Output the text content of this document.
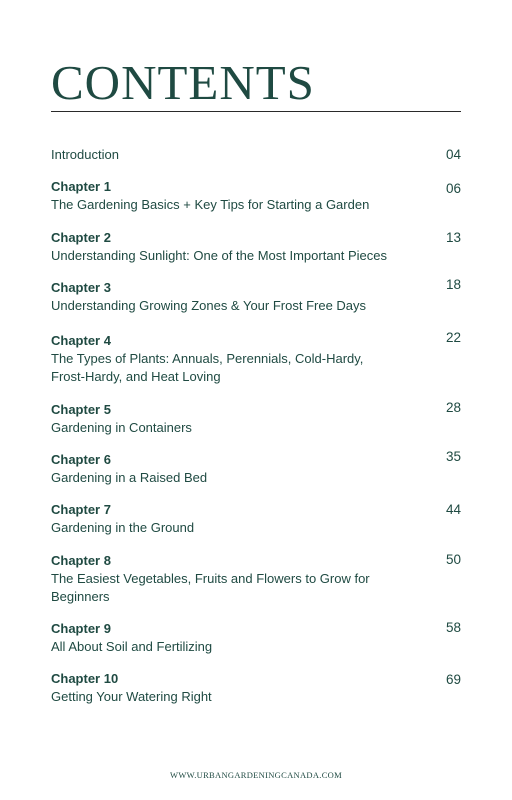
CONTENTS
Introduction	04
Chapter 1
The Gardening Basics + Key Tips for Starting a Garden
06
Chapter 2
Understanding Sunlight: One of the Most Important Pieces
13
Chapter 3
Understanding Growing Zones & Your Frost Free Days
18
Chapter 4
The Types of Plants: Annuals, Perennials, Cold-Hardy, Frost-Hardy, and Heat Loving
22
Chapter 5
Gardening in Containers
28
Chapter 6
Gardening in a Raised Bed
35
Chapter 7
Gardening in the Ground
44
Chapter 8
The Easiest Vegetables, Fruits and Flowers to Grow for Beginners
50
Chapter 9
All About Soil and Fertilizing
58
Chapter 10
Getting Your Watering Right
69
WWW.URBANGARDENINGCANADA.COM
